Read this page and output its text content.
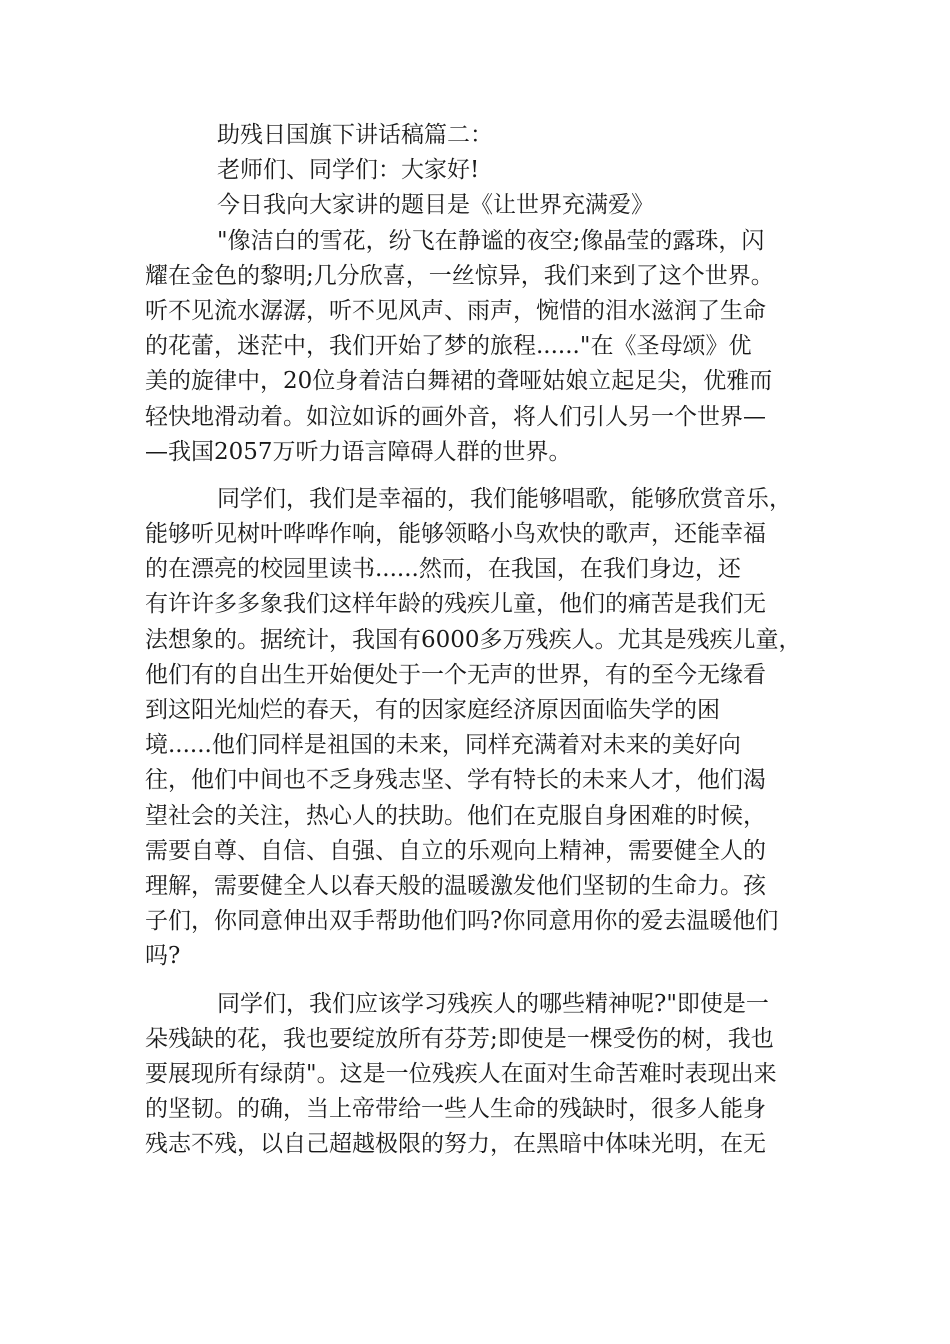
助残日国旗下讲话稿篇二：
老师们、同学们：大家好!
今日我向大家讲的题目是《让世界充满爱》
"像洁白的雪花，纷飞在静谧的夜空;像晶莹的露珠，闪
耀在金色的黎明;几分欣喜，一丝惊异，我们来到了这个世界。
听不见流水潺潺，听不见风声、雨声，惋惜的泪水滋润了生命
的花蕾，迷茫中，我们开始了梦的旅程......"在《圣母颂》优
美的旋律中，20位身着洁白舞裙的聋哑姑娘立起足尖，优雅而
轻快地滑动着。如泣如诉的画外音，将人们引人另一个世界—
—我国2057万听力语言障碍人群的世界。
同学们，我们是幸福的，我们能够唱歌，能够欣赏音乐，
能够听见树叶哗哗作响，能够领略小鸟欢快的歌声，还能幸福
的在漂亮的校园里读书......然而，在我国，在我们身边，还
有许许多多象我们这样年龄的残疾儿童，他们的痛苦是我们无
法想象的。据统计，我国有6000多万残疾人。尤其是残疾儿童，
他们有的自出生开始便处于一个无声的世界，有的至今无缘看
到这阳光灿烂的春天，有的因家庭经济原因面临失学的困
境......他们同样是祖国的未来，同样充满着对未来的美好向
往，他们中间也不乏身残志坚、学有特长的未来人才，他们渴
望社会的关注，热心人的扶助。他们在克服自身困难的时候，
需要自尊、自信、自强、自立的乐观向上精神，需要健全人的
理解，需要健全人以春天般的温暖激发他们坚韧的生命力。孩
子们，你同意伸出双手帮助他们吗?你同意用你的爱去温暖他们
吗?
同学们，我们应该学习残疾人的哪些精神呢?"即使是一
朵残缺的花，我也要绽放所有芬芳;即使是一棵受伤的树，我也
要展现所有绿荫"。这是一位残疾人在面对生命苦难时表现出来
的坚韧。的确，当上帝带给一些人生命的残缺时，很多人能身
残志不残，以自己超越极限的努力，在黑暗中体味光明，在无
